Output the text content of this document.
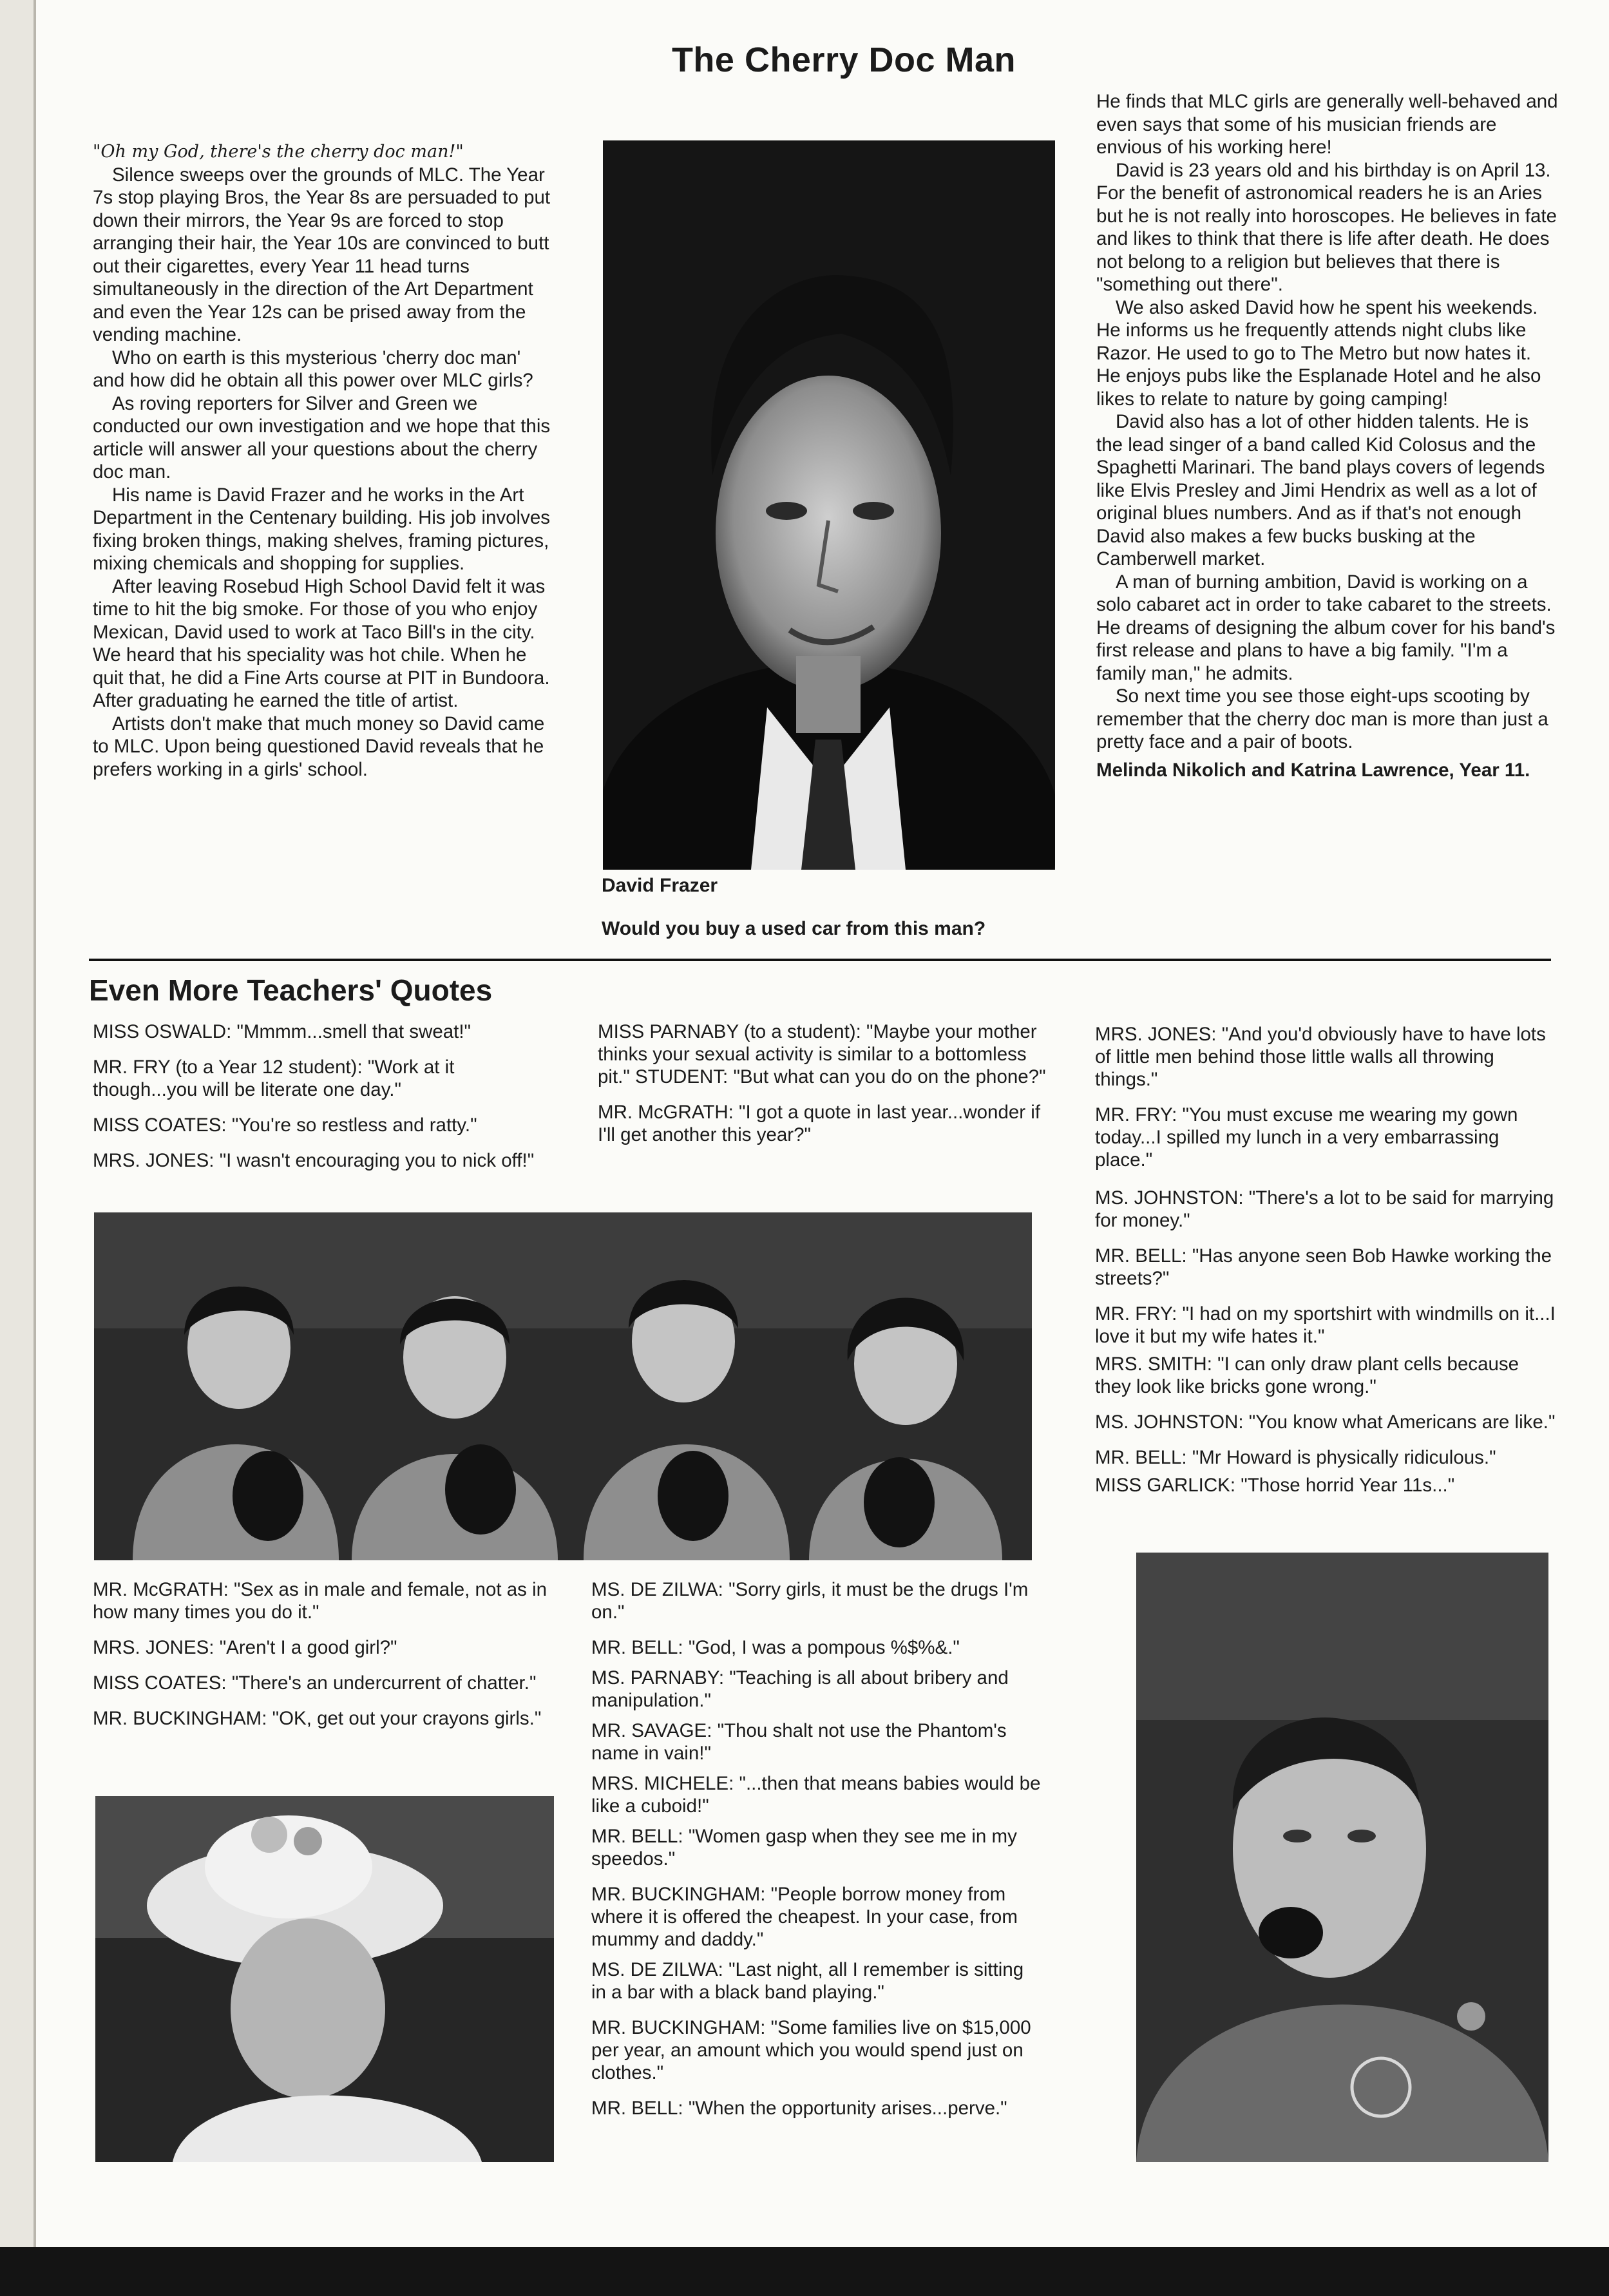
The Cherry Doc Man

"Oh my God, there's the cherry doc man!"

Silence sweeps over the grounds of MLC. The Year 7s stop playing Bros, the Year 8s are persuaded to put down their mirrors, the Year 9s are forced to stop arranging their hair, the Year 10s are convinced to butt out their cigarettes, every Year 11 head turns simultaneously in the direction of the Art Department and even the Year 12s can be prised away from the vending machine.

Who on earth is this mysterious 'cherry doc man' and how did he obtain all this power over MLC girls?

As roving reporters for Silver and Green we conducted our own investigation and we hope that this article will answer all your questions about the cherry doc man.

His name is David Frazer and he works in the Art Department in the Centenary building. His job involves fixing broken things, making shelves, framing pictures, mixing chemicals and shopping for supplies.

After leaving Rosebud High School David felt it was time to hit the big smoke. For those of you who enjoy Mexican, David used to work at Taco Bill's in the city. We heard that his speciality was hot chile. When he quit that, he did a Fine Arts course at PIT in Bundoora. After graduating he earned the title of artist.

Artists don't make that much money so David came to MLC. Upon being questioned David reveals that he prefers working in a girls' school.

David Frazer
Would you buy a used car from this man?

He finds that MLC girls are generally well-behaved and even says that some of his musician friends are envious of his working here!

David is 23 years old and his birthday is on April 13. For the benefit of astronomical readers he is an Aries but he is not really into horoscopes. He believes in fate and likes to think that there is life after death. He does not belong to a religion but believes that there is "something out there".

We also asked David how he spent his weekends. He informs us he frequently attends night clubs like Razor. He used to go to The Metro but now hates it. He enjoys pubs like the Esplanade Hotel and he also likes to relate to nature by going camping!

David also has a lot of other hidden talents. He is the lead singer of a band called Kid Colosus and the Spaghetti Marinari. The band plays covers of legends like Elvis Presley and Jimi Hendrix as well as a lot of original blues numbers. And as if that's not enough David also makes a few bucks busking at the Camberwell market.

A man of burning ambition, David is working on a solo cabaret act in order to take cabaret to the streets. He dreams of designing the album cover for his band's first release and plans to have a big family. "I'm a family man," he admits.

So next time you see those eight-ups scooting by remember that the cherry doc man is more than just a pretty face and a pair of boots.

Melinda Nikolich and Katrina Lawrence, Year 11.

Even More Teachers' Quotes

MISS OSWALD: "Mmmm...smell that sweat!"

MR. FRY (to a Year 12 student): "Work at it though...you will be literate one day."

MISS COATES: "You're so restless and ratty."

MRS. JONES: "I wasn't encouraging you to nick off!"

MISS PARNABY (to a student): "Maybe your mother thinks your sexual activity is similar to a bottomless pit." STUDENT: "But what can you do on the phone?"

MR. McGRATH: "I got a quote in last year...wonder if I'll get another this year?"

MRS. JONES: "And you'd obviously have to have lots of little men behind those little walls all throwing things."

MR. FRY: "You must excuse me wearing my gown today...I spilled my lunch in a very embarrassing place."

MS. JOHNSTON: "There's a lot to be said for marrying for money."

MR. BELL: "Has anyone seen Bob Hawke working the streets?"

MR. FRY: "I had on my sportshirt with windmills on it...I love it but my wife hates it."

MRS. SMITH: "I can only draw plant cells because they look like bricks gone wrong."

MS. JOHNSTON: "You know what Americans are like."

MR. BELL: "Mr Howard is physically ridiculous."

MISS GARLICK: "Those horrid Year 11s..."

MR. McGRATH: "Sex as in male and female, not as in how many times you do it."

MRS. JONES: "Aren't I a good girl?"

MISS COATES: "There's an undercurrent of chatter."

MR. BUCKINGHAM: "OK, get out your crayons girls."

MS. DE ZILWA: "Sorry girls, it must be the drugs I'm on."

MR. BELL: "God, I was a pompous %$%&."

MS. PARNABY: "Teaching is all about bribery and manipulation."

MR. SAVAGE: "Thou shalt not use the Phantom's name in vain!"

MRS. MICHELE: "...then that means babies would be like a cuboid!"

MR. BELL: "Women gasp when they see me in my speedos."

MR. BUCKINGHAM: "People borrow money from where it is offered the cheapest. In your case, from mummy and daddy."

MS. DE ZILWA: "Last night, all I remember is sitting in a bar with a black band playing."

MR. BUCKINGHAM: "Some families live on $15,000 per year, an amount which you would spend just on clothes."

MR. BELL: "When the opportunity arises...perve."
